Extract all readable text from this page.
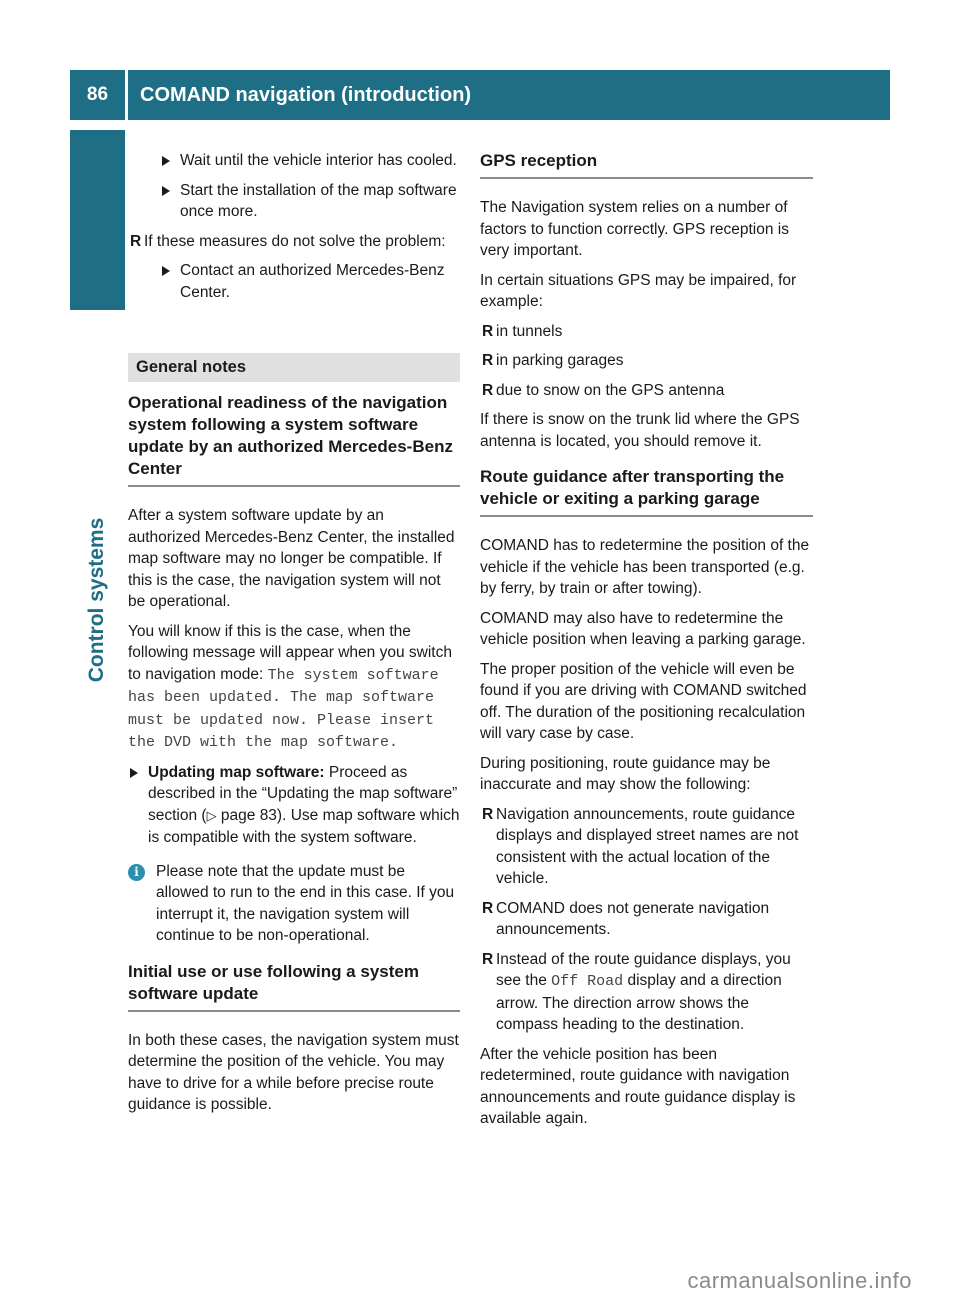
86	COMAND navigation (introduction)
Control systems
Wait until the vehicle interior has cooled.
Start the installation of the map software once more.
R If these measures do not solve the problem:
Contact an authorized Mercedes-Benz Center.
General notes
Operational readiness of the navigation system following a system software update by an authorized Mercedes-Benz Center

After a system software update by an authorized Mercedes-Benz Center, the installed map software may no longer be compatible. If this is the case, the navigation system will not be operational.

You will know if this is the case, when the following message will appear when you switch to navigation mode: The system software has been updated. The map software must be updated now. Please insert the DVD with the map software.

Updating map software: Proceed as described in the “Updating the map software” section (▷ page 83). Use map software which is compatible with the system software.
i	Please note that the update must be allowed to run to the end in this case. If you interrupt it, the navigation system will continue to be non-operational.
Initial use or use following a system software update

In both these cases, the navigation system must determine the position of the vehicle. You may have to drive for a while before precise route guidance is possible.

GPS reception

The Navigation system relies on a number of factors to function correctly. GPS reception is very important.

In certain situations GPS may be impaired, for example:

R in tunnels
R in parking garages
R due to snow on the GPS antenna

If there is snow on the trunk lid where the GPS antenna is located, you should remove it.

Route guidance after transporting the vehicle or exiting a parking garage

COMAND has to redetermine the position of the vehicle if the vehicle has been transported (e.g. by ferry, by train or after towing).

COMAND may also have to redetermine the vehicle position when leaving a parking garage.

The proper position of the vehicle will even be found if you are driving with COMAND switched off. The duration of the positioning recalculation will vary case by case.

During positioning, route guidance may be inaccurate and may show the following:

R Navigation announcements, route guidance displays and displayed street names are not consistent with the actual location of the vehicle.
R COMAND does not generate navigation announcements.
R Instead of the route guidance displays, you see the Off Road display and a direction arrow. The direction arrow shows the compass heading to the destination.

After the vehicle position has been redetermined, route guidance with navigation announcements and route guidance display is available again.

carmanualsonline.info
